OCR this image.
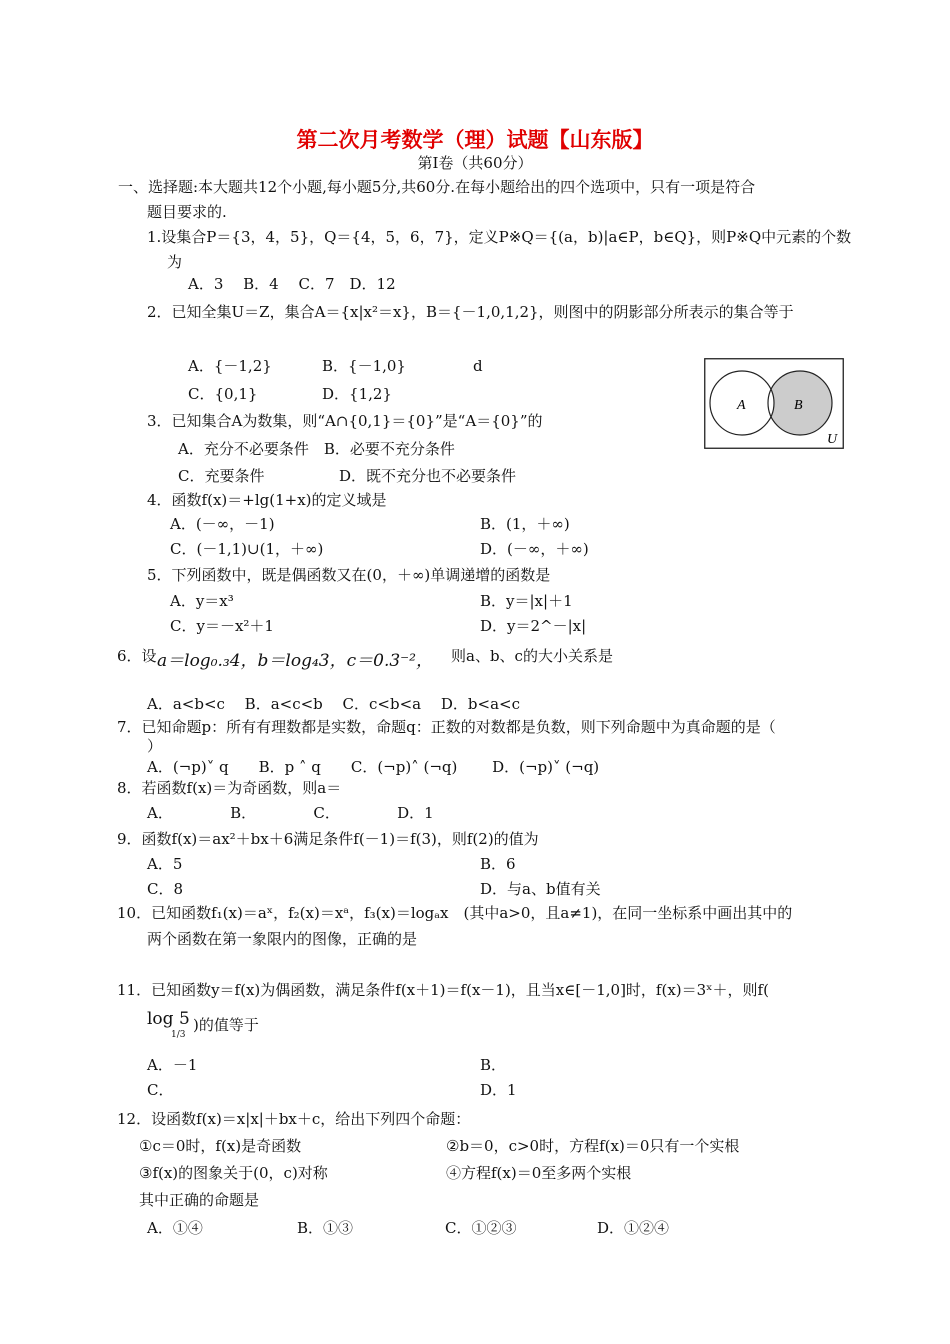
第二次月考数学（理）试题【山东版】
第Ⅰ卷（共60分）
一、选择题:本大题共12个小题,每小题5分,共60分.在每小题给出的四个选项中，只有一项是符合
题目要求的.
1.设集合P＝{3，4，5}，Q＝{4，5，6，7}，定义P※Q＝{(a，b)|a∈P，b∈Q}，则P※Q中元素的个数
为
A．3　 B．4　 C．7　D．12
2．已知全集U＝Z，集合A＝{x|x²＝x}，B＝{－1,0,1,2}，则图中的阴影部分所表示的集合等于
A．{－1,2}	B．{－1,0}	d
C．{0,1}	D．{1,2}
A	B
U
3．已知集合A为数集，则“A∩{0,1}＝{0}”是“A＝{0}”的
A．充分不必要条件　B．必要不充分条件
C．充要条件	D．既不充分也不必要条件
4．函数f(x)＝+lg(1+x)的定义域是
A．(－∞，－1)	B．(1，＋∞)
C．(－1,1)∪(1，＋∞)	D．(－∞，＋∞)
5．下列函数中，既是偶函数又在(0，＋∞)单调递增的函数是
A．y＝x³	B．y＝|x|＋1
C．y＝－x²＋1	D．y＝2^－|x|
6．设 a＝log₀.₃4，b＝log₄3，c＝0.3⁻²， 则a、b、c的大小关系是
A．a<b<c　 B．a<c<b　 C．c<b<a　 D．b<a<c
7．已知命题p：所有有理数都是实数，命题q：正数的对数都是负数，则下列命题中为真命题的是（
）
A．(¬p)˅ q　　B．p ˄ q　　C．(¬p)˄ (¬q)　　 D．(¬p)˅ (¬q)
8．若函数f(x)＝为奇函数，则a＝
A．　　　　 B．　　　　 C．　　　　 D．1
9．函数f(x)＝ax²＋bx＋6满足条件f(－1)＝f(3)，则f(2)的值为
A．5	B．6
C．8	D．与a、b值有关
10．已知函数f₁(x)＝aˣ，f₂(x)＝xᵃ，f₃(x)＝logₐx　(其中a>0，且a≠1)，在同一坐标系中画出其中的
两个函数在第一象限内的图像，正确的是
11．已知函数y＝f(x)为偶函数，满足条件f(x＋1)＝f(x－1)，且当x∈[－1,0]时，f(x)＝3ˣ＋，则f(
log 5
1/3
)的值等于
A．－1	B．
C．	D．1
12．设函数f(x)＝x|x|＋bx＋c，给出下列四个命题：
①c＝0时，f(x)是奇函数	②b＝0，c>0时，方程f(x)＝0只有一个实根
③f(x)的图象关于(0，c)对称	④方程f(x)＝0至多两个实根
其中正确的命题是
A．①④	B．①③	C．①②③	D．①②④
